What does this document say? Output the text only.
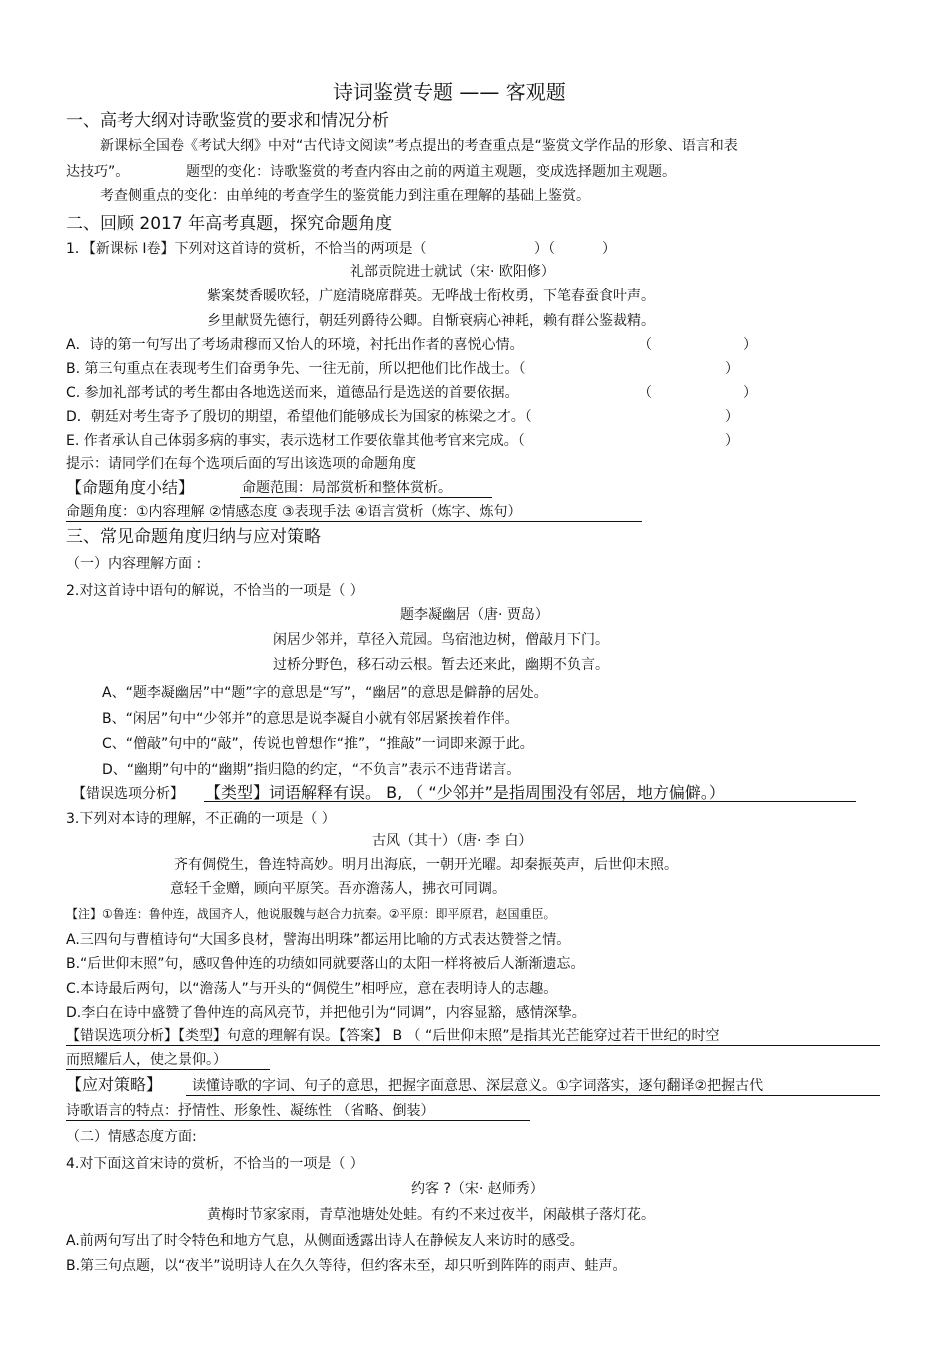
诗词鉴赏专题 —— 客观题
一、高考大纲对诗歌鉴赏的要求和情况分析
新课标全国卷《考试大纲》中对“古代诗文阅读”考点提出的考查重点是“鉴赏文学作品的形象、语言和表
达技巧”。	题型的变化：诗歌鉴赏的考查内容由之前的两道主观题，变成选择题加主观题。
考查侧重点的变化：由单纯的考查学生的鉴赏能力到注重在理解的基础上鉴赏。
二、回顾 2017 年高考真题，探究命题角度
1．【新课标 Ⅰ卷】下列对这首诗的赏析，不恰当的两项是（	）（	）
礼部贡院进士就试（宋· 欧阳修）
紫案焚香暖吹轻，广庭清晓席群英。无哗战士衔枚勇，下笔春蚕食叶声。
乡里献贤先德行，朝廷列爵待公卿。自惭衰病心神耗，赖有群公鉴裁精。
A．诗的第一句写出了考场肃穆而又怡人的环境，衬托出作者的喜悦心情。	（	）
B. 第三句重点在表现考生们奋勇争先、一往无前，所以把他们比作战士。（	）
C. 参加礼部考试的考生都由各地选送而来，道德品行是选送的首要依据。	（	）
D．朝廷对考生寄予了殷切的期望，希望他们能够成长为国家的栋梁之才。（	）
E. 作者承认自己体弱多病的事实，表示选材工作要依靠其他考官来完成。（	）
提示：请同学们在每个选项后面的写出该选项的命题角度
【命题角度小结】	命题范围：局部赏析和整体赏析。
命题角度：①内容理解 ②情感态度 ③表现手法 ④语言赏析（炼字、炼句）
三、常见命题角度归纳与应对策略
（一）内容理解方面 :
2.对这首诗中语句的解说，不恰当的一项是（ ）
题李凝幽居（唐· 贾岛）
闲居少邻并，草径入荒园。鸟宿池边树，僧敲月下门。
过桥分野色，移石动云根。暂去还来此，幽期不负言。
A、“题李凝幽居”中“题”字的意思是“写”，“幽居”的意思是僻静的居处。
B、“闲居”句中“少邻并”的意思是说李凝自小就有邻居紧挨着作伴。
C、“僧敲”句中的“敲”，传说也曾想作“推”，“推敲”一词即来源于此。
D、“幽期”句中的“幽期”指归隐的约定，“不负言”表示不违背诺言。
【错误选项分析】 【类型】词语解释有误。 B, （ “少邻并”是指周围没有邻居，地方偏僻。）
3.下列对本诗的理解，不正确的一项是（ ）
古风（其十）（唐· 李 白）
齐有倜傥生，鲁连特高妙。明月出海底，一朝开光曜。却秦振英声，后世仰末照。
意轻千金赠，顾向平原笑。吾亦澹荡人，拂衣可同调。
【注】①鲁连：鲁仲连，战国齐人，他说服魏与赵合力抗秦。②平原：即平原君，赵国重臣。
A.三四句与曹植诗句“大国多良材，譬海出明珠”都运用比喻的方式表达赞誉之情。
B.“后世仰末照”句，感叹鲁仲连的功绩如同就要落山的太阳一样将被后人渐渐遗忘。
C.本诗最后两句，以“澹荡人”与开头的“倜傥生”相呼应，意在表明诗人的志趣。
D.李白在诗中盛赞了鲁仲连的高风亮节，并把他引为“同调”，内容显豁，感情深挚。
【错误选项分析】【类型】句意的理解有误。【答案】 B （ “后世仰末照”是指其光芒能穿过若干世纪的时空
而照耀后人，使之景仰。）
【应对策略】 读懂诗歌的字词、句子的意思，把握字面意思、深层意义。①字词落实，逐句翻译②把握古代
诗歌语言的特点：抒情性、形象性、凝练性 （省略、倒装）
（二）情感态度方面:
4.对下面这首宋诗的赏析，不恰当的一项是（ ）
约客 ?（宋· 赵师秀）
黄梅时节家家雨，青草池塘处处蛙。有约不来过夜半，闲敲棋子落灯花。
A.前两句写出了时令特色和地方气息，从侧面透露出诗人在静候友人来访时的感受。
B.第三句点题，以“夜半”说明诗人在久久等待，但约客未至，却只听到阵阵的雨声、蛙声。
